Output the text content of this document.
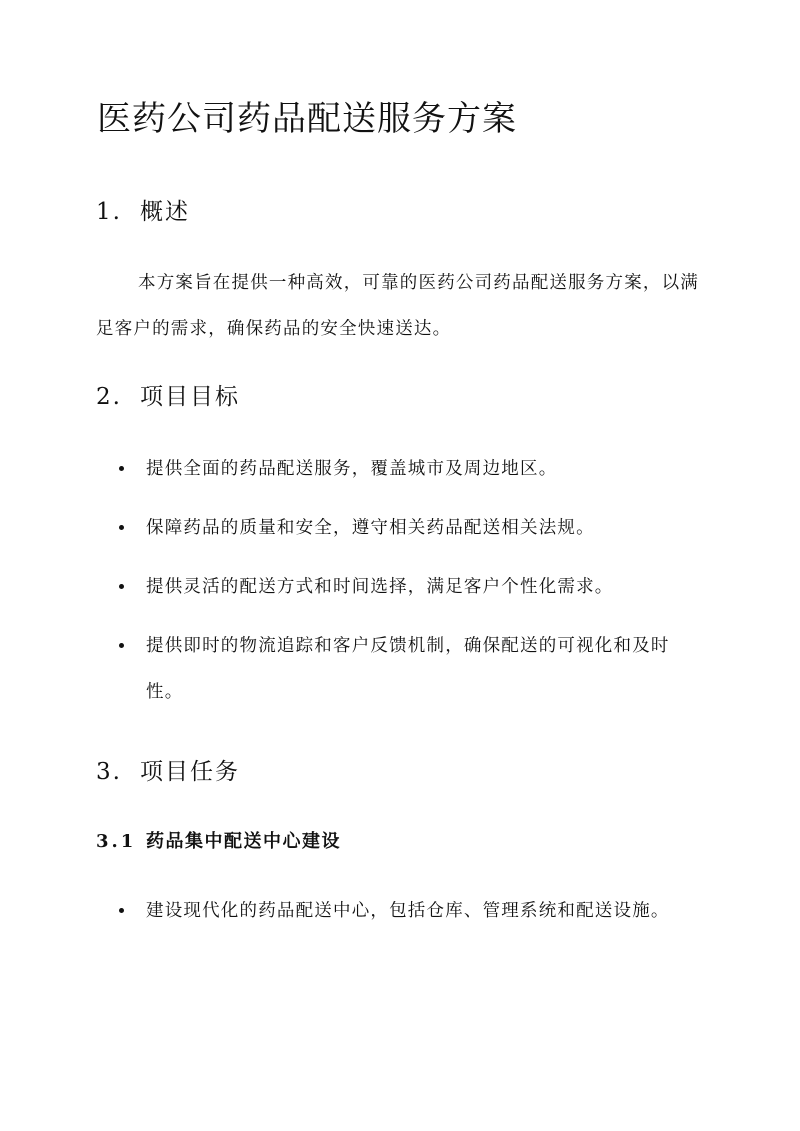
医药公司药品配送服务方案
1. 概述

本方案旨在提供一种高效，可靠的医药公司药品配送服务方案，以满足客户的需求，确保药品的安全快速送达。

2. 项目目标
提供全面的药品配送服务，覆盖城市及周边地区。
保障药品的质量和安全，遵守相关药品配送相关法规。
提供灵活的配送方式和时间选择，满足客户个性化需求。
提供即时的物流追踪和客户反馈机制，确保配送的可视化和及时性。
3. 项目任务
3.1 药品集中配送中心建设
建设现代化的药品配送中心，包括仓库、管理系统和配送设施。
